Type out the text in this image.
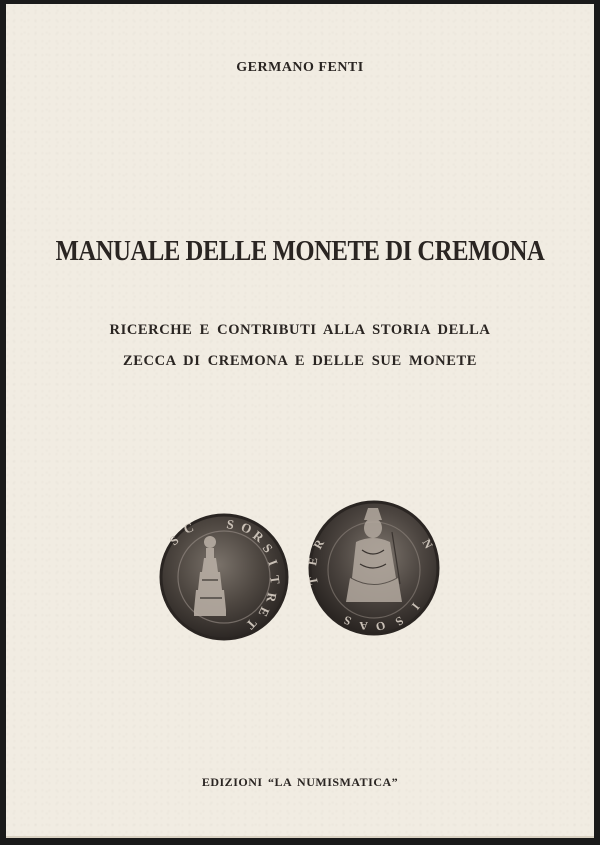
GERMANO FENTI
MANUALE DELLE MONETE DI CREMONA
RICERCHE E CONTRIBUTI ALLA STORIA DELLA
ZECCA DI CREMONA E DELLE SUE MONETE
S O
R
S
I
T
R
E
T
S
C
R
E
T
S A O S
I
N
EDIZIONI “LA NUMISMATICA”
